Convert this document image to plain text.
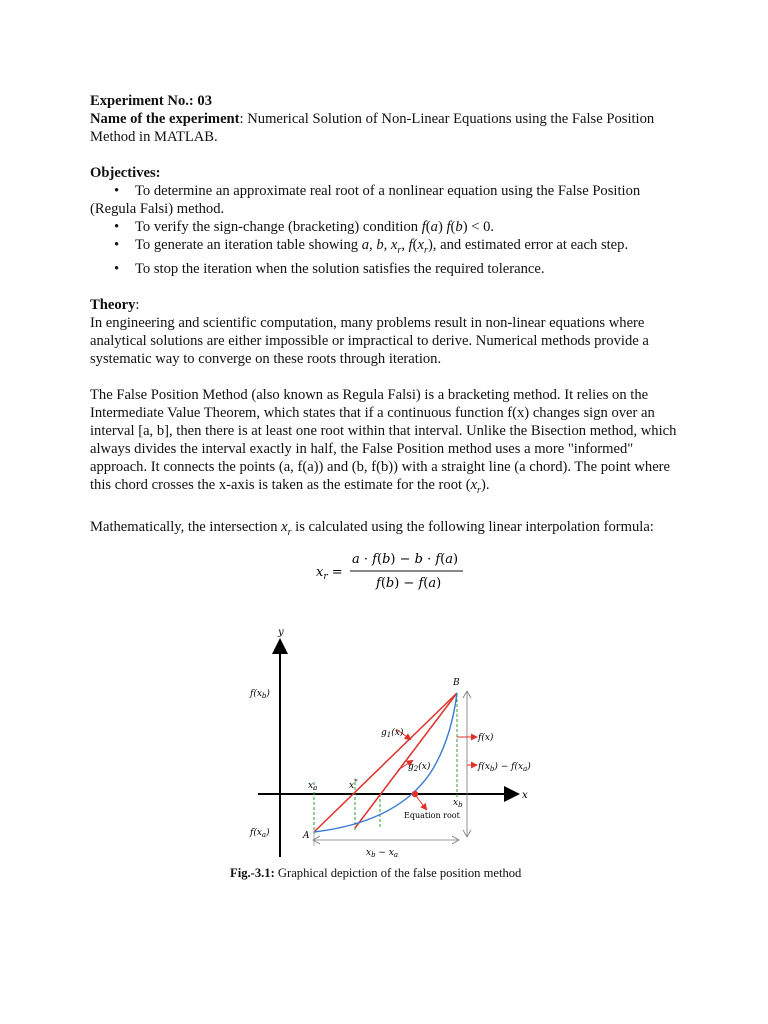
Experiment No.: 03

Name of the experiment: Numerical Solution of Non-Linear Equations using the False Position Method in MATLAB.

Objectives:

• To determine an approximate real root of a nonlinear equation using the False Position (Regula Falsi) method.
• To verify the sign-change (bracketing) condition f(a) f(b) < 0.
• To generate an iteration table showing a, b, $x_r$, $f(x_r)$, and estimated error at each step.
• To stop the iteration when the solution satisfies the required tolerance.

Theory:

In engineering and scientific computation, many problems result in non-linear equations where analytical solutions are either impossible or impractical to derive. Numerical methods provide a systematic way to converge on these roots through iteration.

The False Position Method (also known as Regula Falsi) is a bracketing method. It relies on the Intermediate Value Theorem, which states that if a continuous function f(x) changes sign over an interval [a, b], then there is at least one root within that interval. Unlike the Bisection method, which always divides the interval exactly in half, the False Position method uses a more "informed" approach. It connects the points (a, f(a)) and (b, f(b)) with a straight line (a chord). The point where this chord crosses the x-axis is taken as the estimate for the root $(x_r)$.

Mathematically, the intersection $x_r$ is calculated using the following linear interpolation formula:

$x_r$ =
a · f(b) − b · f(a)
f(b) − f(a)
y
x
$f(x_b)$
$f(x_a)$
B
A
$g_1(x)$
$g_2(x)$
f(x)
$f(x_b) - f(x_a)$
$x_a$	x*
$x_b$
Equation root
$x_b - x_a$
Fig.-3.1: Graphical depiction of the false position method
